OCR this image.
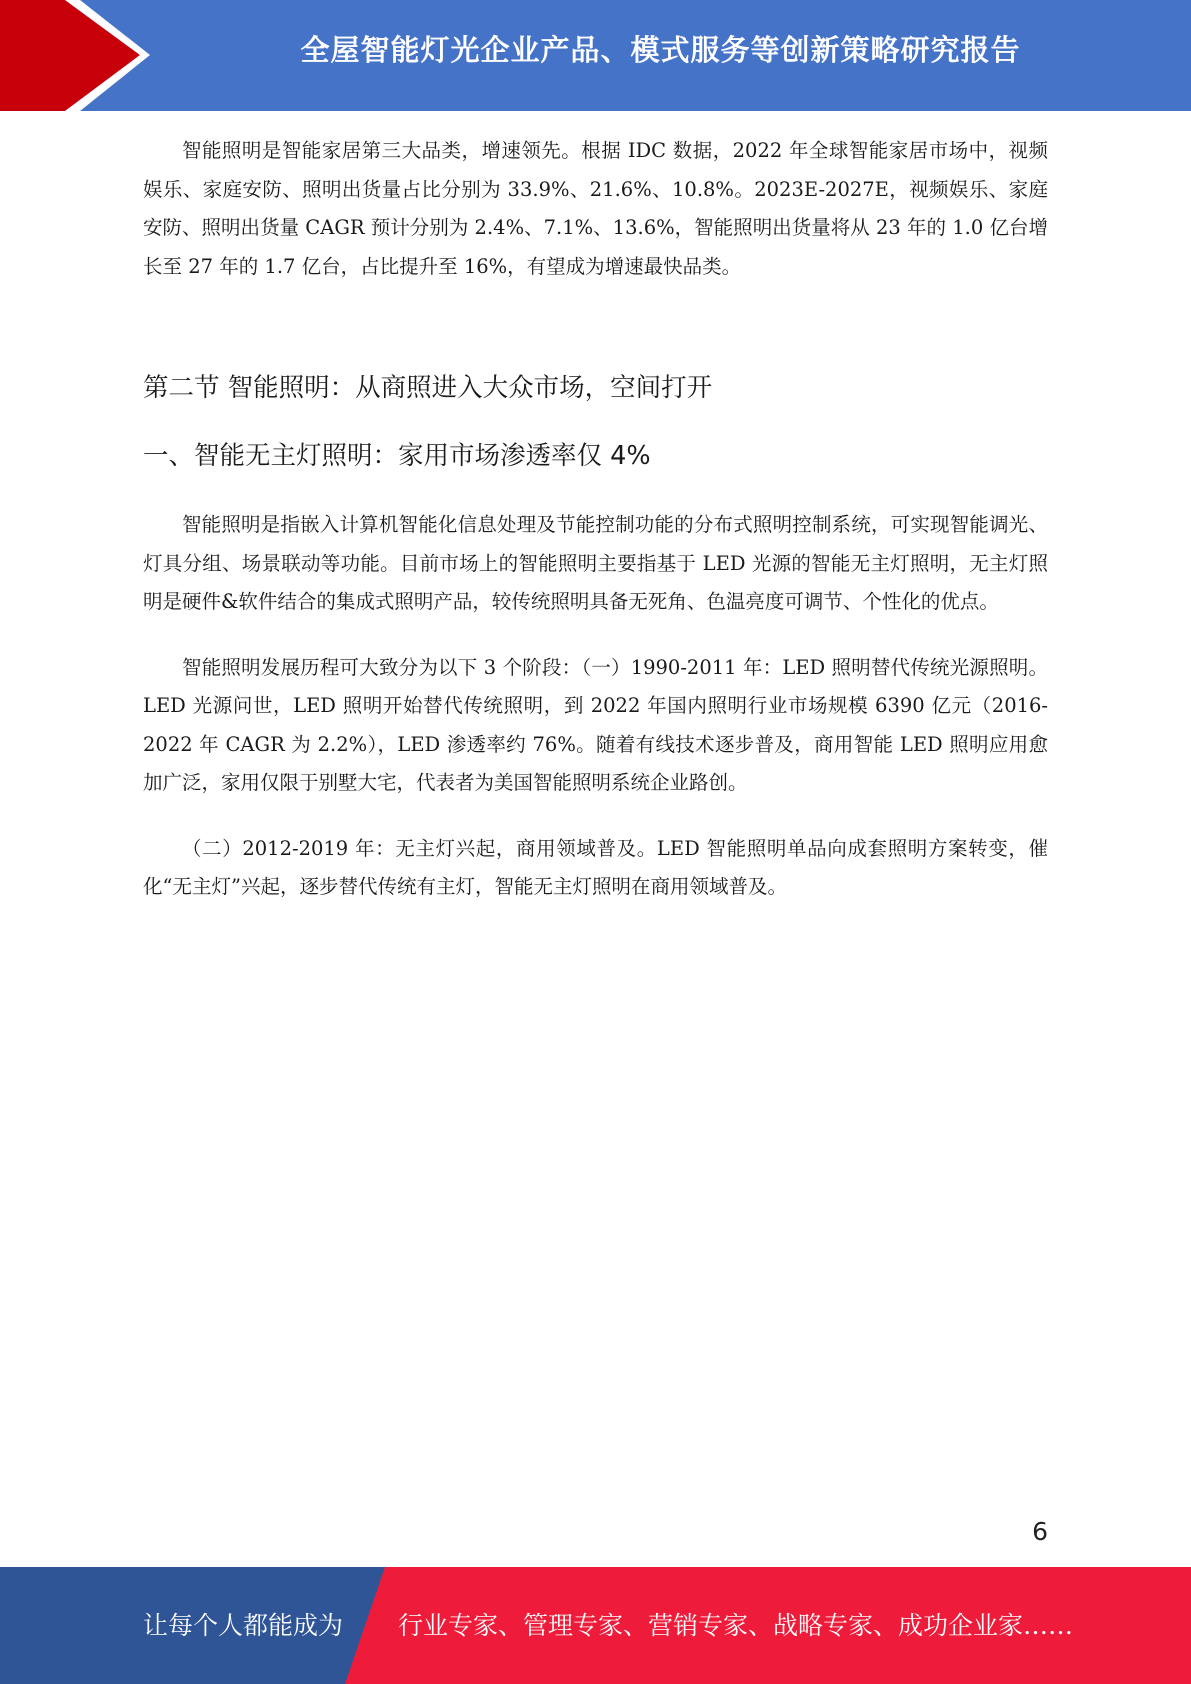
全屋智能灯光企业产品、模式服务等创新策略研究报告

智能照明是智能家居第三大品类，增速领先。根据 IDC 数据，2022 年全球智能家居市场中，视频娱乐、家庭安防、照明出货量占比分别为 33.9%、21.6%、10.8%。2023E-2027E，视频娱乐、家庭安防、照明出货量 CAGR 预计分别为 2.4%、7.1%、13.6%，智能照明出货量将从 23 年的 1.0 亿台增长至 27 年的 1.7 亿台，占比提升至 16%，有望成为增速最快品类。

第二节 智能照明：从商照进入大众市场，空间打开
一、智能无主灯照明：家用市场渗透率仅 4%

智能照明是指嵌入计算机智能化信息处理及节能控制功能的分布式照明控制系统，可实现智能调光、灯具分组、场景联动等功能。目前市场上的智能照明主要指基于 LED 光源的智能无主灯照明，无主灯照明是硬件&软件结合的集成式照明产品，较传统照明具备无死角、色温亮度可调节、个性化的优点。

智能照明发展历程可大致分为以下 3 个阶段：（一）1990-2011 年：LED 照明替代传统光源照明。LED 光源问世，LED 照明开始替代传统照明，到 2022 年国内照明行业市场规模 6390 亿元（2016-2022 年 CAGR 为 2.2%），LED 渗透率约 76%。随着有线技术逐步普及，商用智能 LED 照明应用愈加广泛，家用仅限于别墅大宅，代表者为美国智能照明系统企业路创。

（二）2012-2019 年：无主灯兴起，商用领域普及。LED 智能照明单品向成套照明方案转变，催化“无主灯”兴起，逐步替代传统有主灯，智能无主灯照明在商用领域普及。

6
让每个人都能成为 行业专家、管理专家、营销专家、战略专家、成功企业家……
